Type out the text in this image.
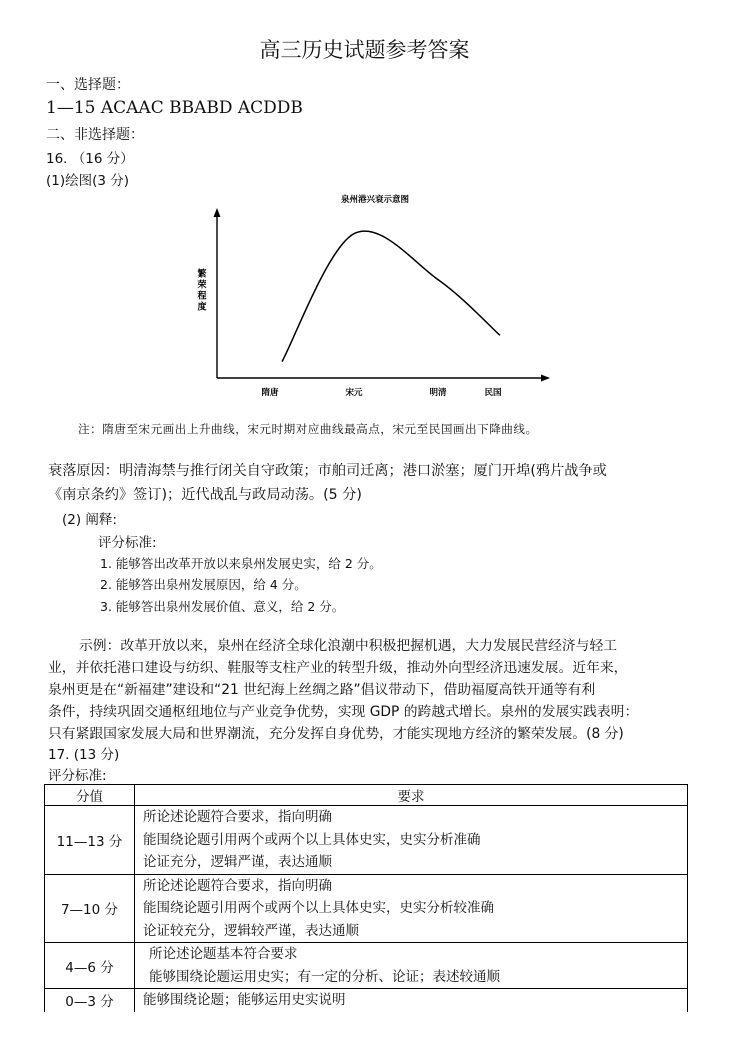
高三历史试题参考答案
一、选择题：
1—15 ACAAC BBABD ACDDB
二、非选择题：
16. （16 分）
(1)绘图(3 分)
泉州港兴衰示意图
繁荣程度
隋唐	宋元	明清	民国
注：隋唐至宋元画出上升曲线，宋元时期对应曲线最高点，宋元至民国画出下降曲线。
衰落原因：明清海禁与推行闭关自守政策；市舶司迁离；港口淤塞；厦门开埠(鸦片战争或
《南京条约》签订)；近代战乱与政局动荡。(5 分)
(2) 阐释:
评分标准:
1. 能够答出改革开放以来泉州发展史实，给 2 分。
2. 能够答出泉州发展原因，给 4 分。
3. 能够答出泉州发展价值、意义，给 2 分。
示例：改革开放以来，泉州在经济全球化浪潮中积极把握机遇，大力发展民营经济与轻工
业，并依托港口建设与纺织、鞋服等支柱产业的转型升级，推动外向型经济迅速发展。近年来，
泉州更是在“新福建”建设和“21 世纪海上丝绸之路”倡议带动下，借助福厦高铁开通等有利
条件，持续巩固交通枢纽地位与产业竞争优势，实现 GDP 的跨越式增长。泉州的发展实践表明：
只有紧跟国家发展大局和世界潮流，充分发挥自身优势，才能实现地方经济的繁荣发展。(8 分)
17. (13 分)
评分标准:
分值	要求
11—13 分	所论述论题符合要求，指向明确
能围绕论题引用两个或两个以上具体史实，史实分析准确
论证充分，逻辑严谨，表达通顺

7—10 分	所论述论题符合要求，指向明确
能围绕论题引用两个或两个以上具体史实，史实分析较准确
论证较充分，逻辑较严谨，表达通顺

4—6 分	所论述论题基本符合要求
能够围绕论题运用史实；有一定的分析、论证；表述较通顺

0—3 分	能够围绕论题；能够运用史实说明
